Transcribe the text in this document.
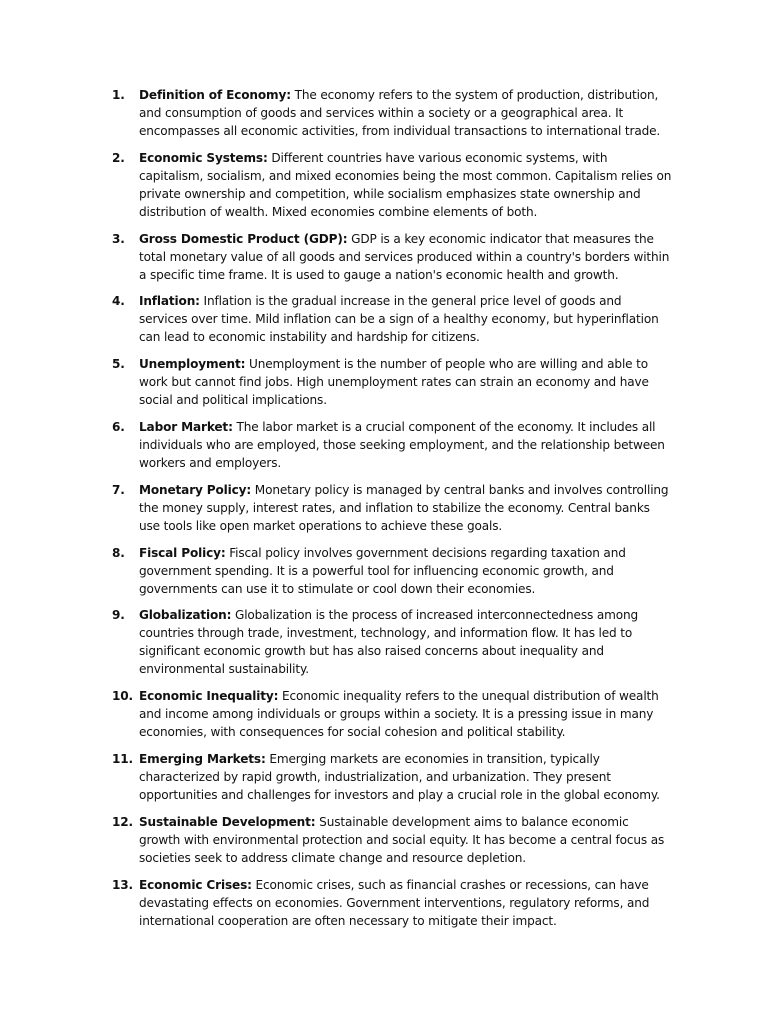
1. Definition of Economy: The economy refers to the system of production, distribution, and consumption of goods and services within a society or a geographical area. It encompasses all economic activities, from individual transactions to international trade.
2. Economic Systems: Different countries have various economic systems, with capitalism, socialism, and mixed economies being the most common. Capitalism relies on private ownership and competition, while socialism emphasizes state ownership and distribution of wealth. Mixed economies combine elements of both.
3. Gross Domestic Product (GDP): GDP is a key economic indicator that measures the total monetary value of all goods and services produced within a country's borders within a specific time frame. It is used to gauge a nation's economic health and growth.
4. Inflation: Inflation is the gradual increase in the general price level of goods and services over time. Mild inflation can be a sign of a healthy economy, but hyperinflation can lead to economic instability and hardship for citizens.
5. Unemployment: Unemployment is the number of people who are willing and able to work but cannot find jobs. High unemployment rates can strain an economy and have social and political implications.
6. Labor Market: The labor market is a crucial component of the economy. It includes all individuals who are employed, those seeking employment, and the relationship between workers and employers.
7. Monetary Policy: Monetary policy is managed by central banks and involves controlling the money supply, interest rates, and inflation to stabilize the economy. Central banks use tools like open market operations to achieve these goals.
8. Fiscal Policy: Fiscal policy involves government decisions regarding taxation and government spending. It is a powerful tool for influencing economic growth, and governments can use it to stimulate or cool down their economies.
9. Globalization: Globalization is the process of increased interconnectedness among countries through trade, investment, technology, and information flow. It has led to significant economic growth but has also raised concerns about inequality and environmental sustainability.
10. Economic Inequality: Economic inequality refers to the unequal distribution of wealth and income among individuals or groups within a society. It is a pressing issue in many economies, with consequences for social cohesion and political stability.
11. Emerging Markets: Emerging markets are economies in transition, typically characterized by rapid growth, industrialization, and urbanization. They present opportunities and challenges for investors and play a crucial role in the global economy.
12. Sustainable Development: Sustainable development aims to balance economic growth with environmental protection and social equity. It has become a central focus as societies seek to address climate change and resource depletion.
13. Economic Crises: Economic crises, such as financial crashes or recessions, can have devastating effects on economies. Government interventions, regulatory reforms, and international cooperation are often necessary to mitigate their impact.
